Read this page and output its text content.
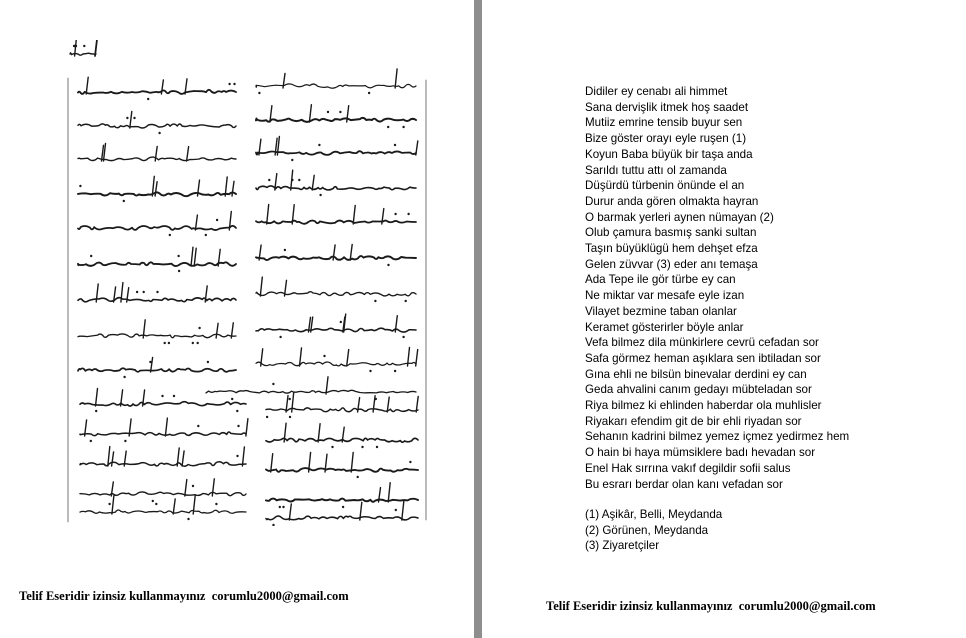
Telif Eseridir izinsiz kullanmayınız  corumlu2000@gmail.com
Didiler ey cenabı ali himmet
Sana dervişlik itmek hoş saadet
Mutiiz emrine tensib buyur sen
Bize göster orayı eyle ruşen (1)
Koyun Baba büyük bir taşa anda
Sarıldı tuttu attı ol zamanda
Düşürdü türbenin önünde el an
Durur anda gören olmakta hayran
O barmak yerleri aynen nümayan (2)
Olub çamura basmış sanki sultan
Taşın büyüklügü hem dehşet efza
Gelen züvvar (3) eder anı temaşa
Ada Tepe ile gör türbe ey can
Ne miktar var mesafe eyle izan
Vilayet bezmine taban olanlar
Keramet gösterirler böyle anlar
Vefa bilmez dila münkirlere cevrü cefadan sor
Safa görmez heman aşıklara sen ibtiladan sor
Gına ehli ne bilsün binevalar derdini ey can
Geda ahvalini canım gedayı mübteladan sor
Riya bilmez ki ehlinden haberdar ola muhlisler
Riyakarı efendim git de bir ehli riyadan sor
Sehanın kadrini bilmez yemez içmez yedirmez hem
O hain bi haya mümsiklere badı hevadan sor
Enel Hak sırrına vakıf degildir sofii salus
Bu esrarı berdar olan kanı vefadan sor
(1) Aşikâr, Belli, Meydanda
(2) Görünen, Meydanda
(3) Ziyaretçiler
Telif Eseridir izinsiz kullanmayınız  corumlu2000@gmail.com
